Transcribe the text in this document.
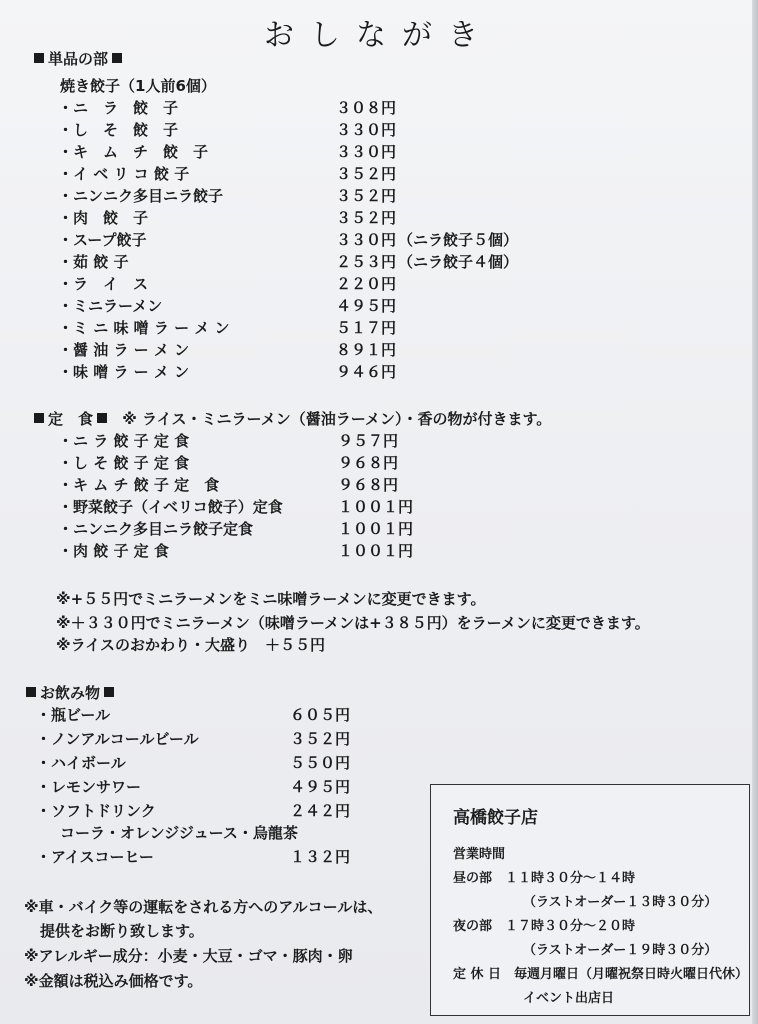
おしながき
単品の部
焼き餃子（1人前6個）
・ニ　ラ　餃　子	３０８円
・し　そ　餃　子	３３０円
・キ　ム　チ　餃　子	３３０円
・イ ベ リ コ 餃 子	３５２円
・ニンニク多目ニラ餃子	３５２円
・肉　餃　子	３５２円
・スープ餃子	３３０円 （ニラ餃子５個）
・茹 餃 子	２５３円 （ニラ餃子４個）
・ラ　イ　ス	２２０円
・ミニラーメン	４９５円
・ミ ニ 味 噌 ラ ー メ ン	５１７円
・醤 油 ラ ー メ ン	８９１円
・味 噌 ラ ー メ ン	９４６円
定　食 ※ ライス・ミニラーメン（醤油ラーメン）・香の物が付きます。
・ニ ラ 餃 子 定 食	９５７円
・し そ 餃 子 定 食	９６８円
・キ ム チ 餃 子 定　食	９６８円
・野菜餃子（イベリコ餃子）定食	１００１円
・ニンニク多目ニラ餃子定食	１００１円
・肉 餃 子 定 食	１００１円
※+５５円でミニラーメンをミニ味噌ラーメンに変更できます。
※＋３３０円でミニラーメン（味噌ラーメンは+３８５円）をラーメンに変更できます。
※ライスのおかわり・大盛り　＋５５円
お飲み物
・瓶ビール	６０５円
・ノンアルコールビール	３５２円
・ハイボール	５５０円
・レモンサワー	４９５円
・ソフトドリンク	２４２円
コーラ・オレンジジュース・烏龍茶
・アイスコーヒー	１３２円
※車・バイク等の運転をされる方へのアルコールは、
提供をお断り致します。
※アレルギー成分：小麦・大豆・ゴマ・豚肉・卵
※金額は税込み価格です。
高橋餃子店
営業時間
昼の部　１１時３０分～１４時
（ラストオーダー１３時３０分）
夜の部　１７時３０分～２０時
（ラストオーダー１９時３０分）
定 休 日　毎週月曜日（月曜祝祭日時火曜日代休）
イベント出店日
